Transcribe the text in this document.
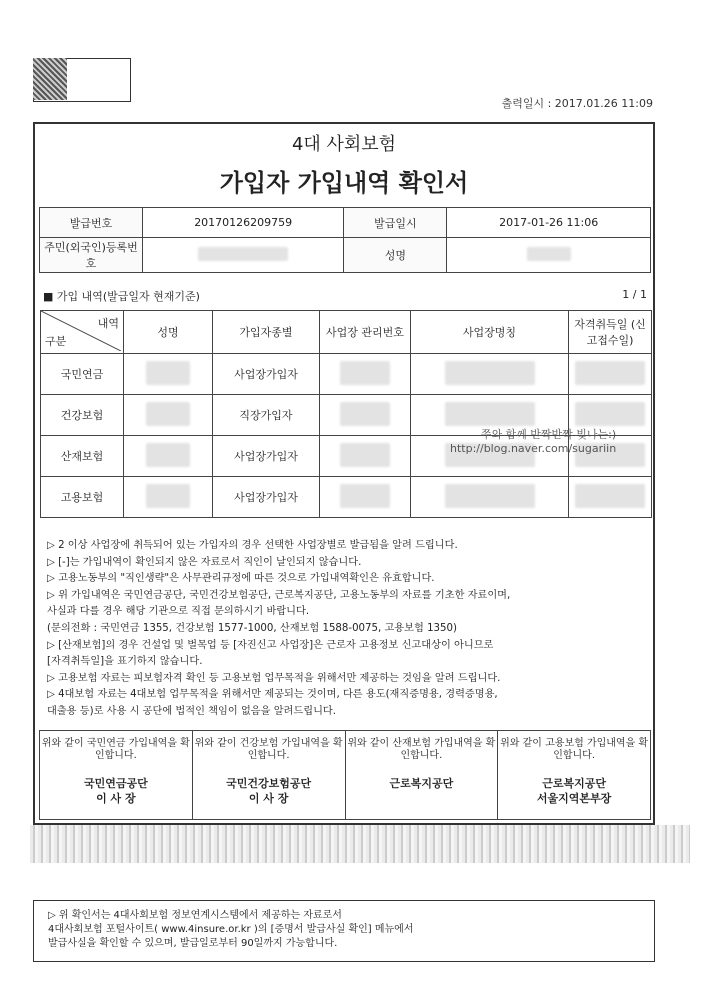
출력일시 : 2017.01.26 11:09
4대 사회보험
가입자 가입내역 확인서
발급번호	20170126209759	발급일시	2017-01-26 11:06
주민(외국인)등록번호		성명	
■ 가입 내역(발급일자 현재기준)	1 / 1
내역
구분	성명	가입자종별	사업장 관리번호	사업장명칭	자격취득일 (신고접수일)
국민연금		사업장가입자			
건강보험		직장가입자			
산재보험		사업장가입자			
고용보험		사업장가입자			
쭈와 함께 반짝반짝 빛나는:)
http://blog.naver.com/sugariin
▷ 2 이상 사업장에 취득되어 있는 가입자의 경우 선택한 사업장별로 발급됨을 알려 드립니다.
▷ [-]는 가입내역이 확인되지 않은 자료로서 직인이 날인되지 않습니다.
▷ 고용노동부의 "직인생략"은 사무관리규정에 따른 것으로 가입내역확인은 유효합니다.
▷ 위 가입내역은 국민연금공단, 국민건강보험공단, 근로복지공단, 고용노동부의 자료를 기초한 자료이며,
사실과 다를 경우 해당 기관으로 직접 문의하시기 바랍니다.
(문의전화 : 국민연금 1355, 건강보험 1577-1000, 산재보험 1588-0075, 고용보험 1350)
▷ [산재보험]의 경우 건설업 및 벌목업 등 [자진신고 사업장]은 근로자 고용정보 신고대상이 아니므로
[자격취득일]을 표기하지 않습니다.
▷ 고용보험 자료는 피보험자격 확인 등 고용보험 업무목적을 위해서만 제공하는 것임을 알려 드립니다.
▷ 4대보험 자료는 4대보험 업무목적을 위해서만 제공되는 것이며, 다른 용도(재직증명용, 경력증명용,
대출용 등)로 사용 시 공단에 법적인 책임이 없음을 알려드립니다.
위와 같이 국민연금 가입내역을 확인합니다.
국민연금공단
이 사 장

위와 같이 건강보험 가입내역을 확인합니다.
국민건강보험공단
이 사 장

위와 같이 산재보험 가입내역을 확인합니다.
근로복지공단

위와 같이 고용보험 가입내역을 확인합니다.
근로복지공단
서울지역본부장
▷ 위 확인서는 4대사회보험 정보연계시스템에서 제공하는 자료로서
4대사회보험 포털사이트( www.4insure.or.kr )의 [증명서 발급사실 확인] 메뉴에서
발급사실을 확인할 수 있으며, 발급일로부터 90일까지 가능합니다.
